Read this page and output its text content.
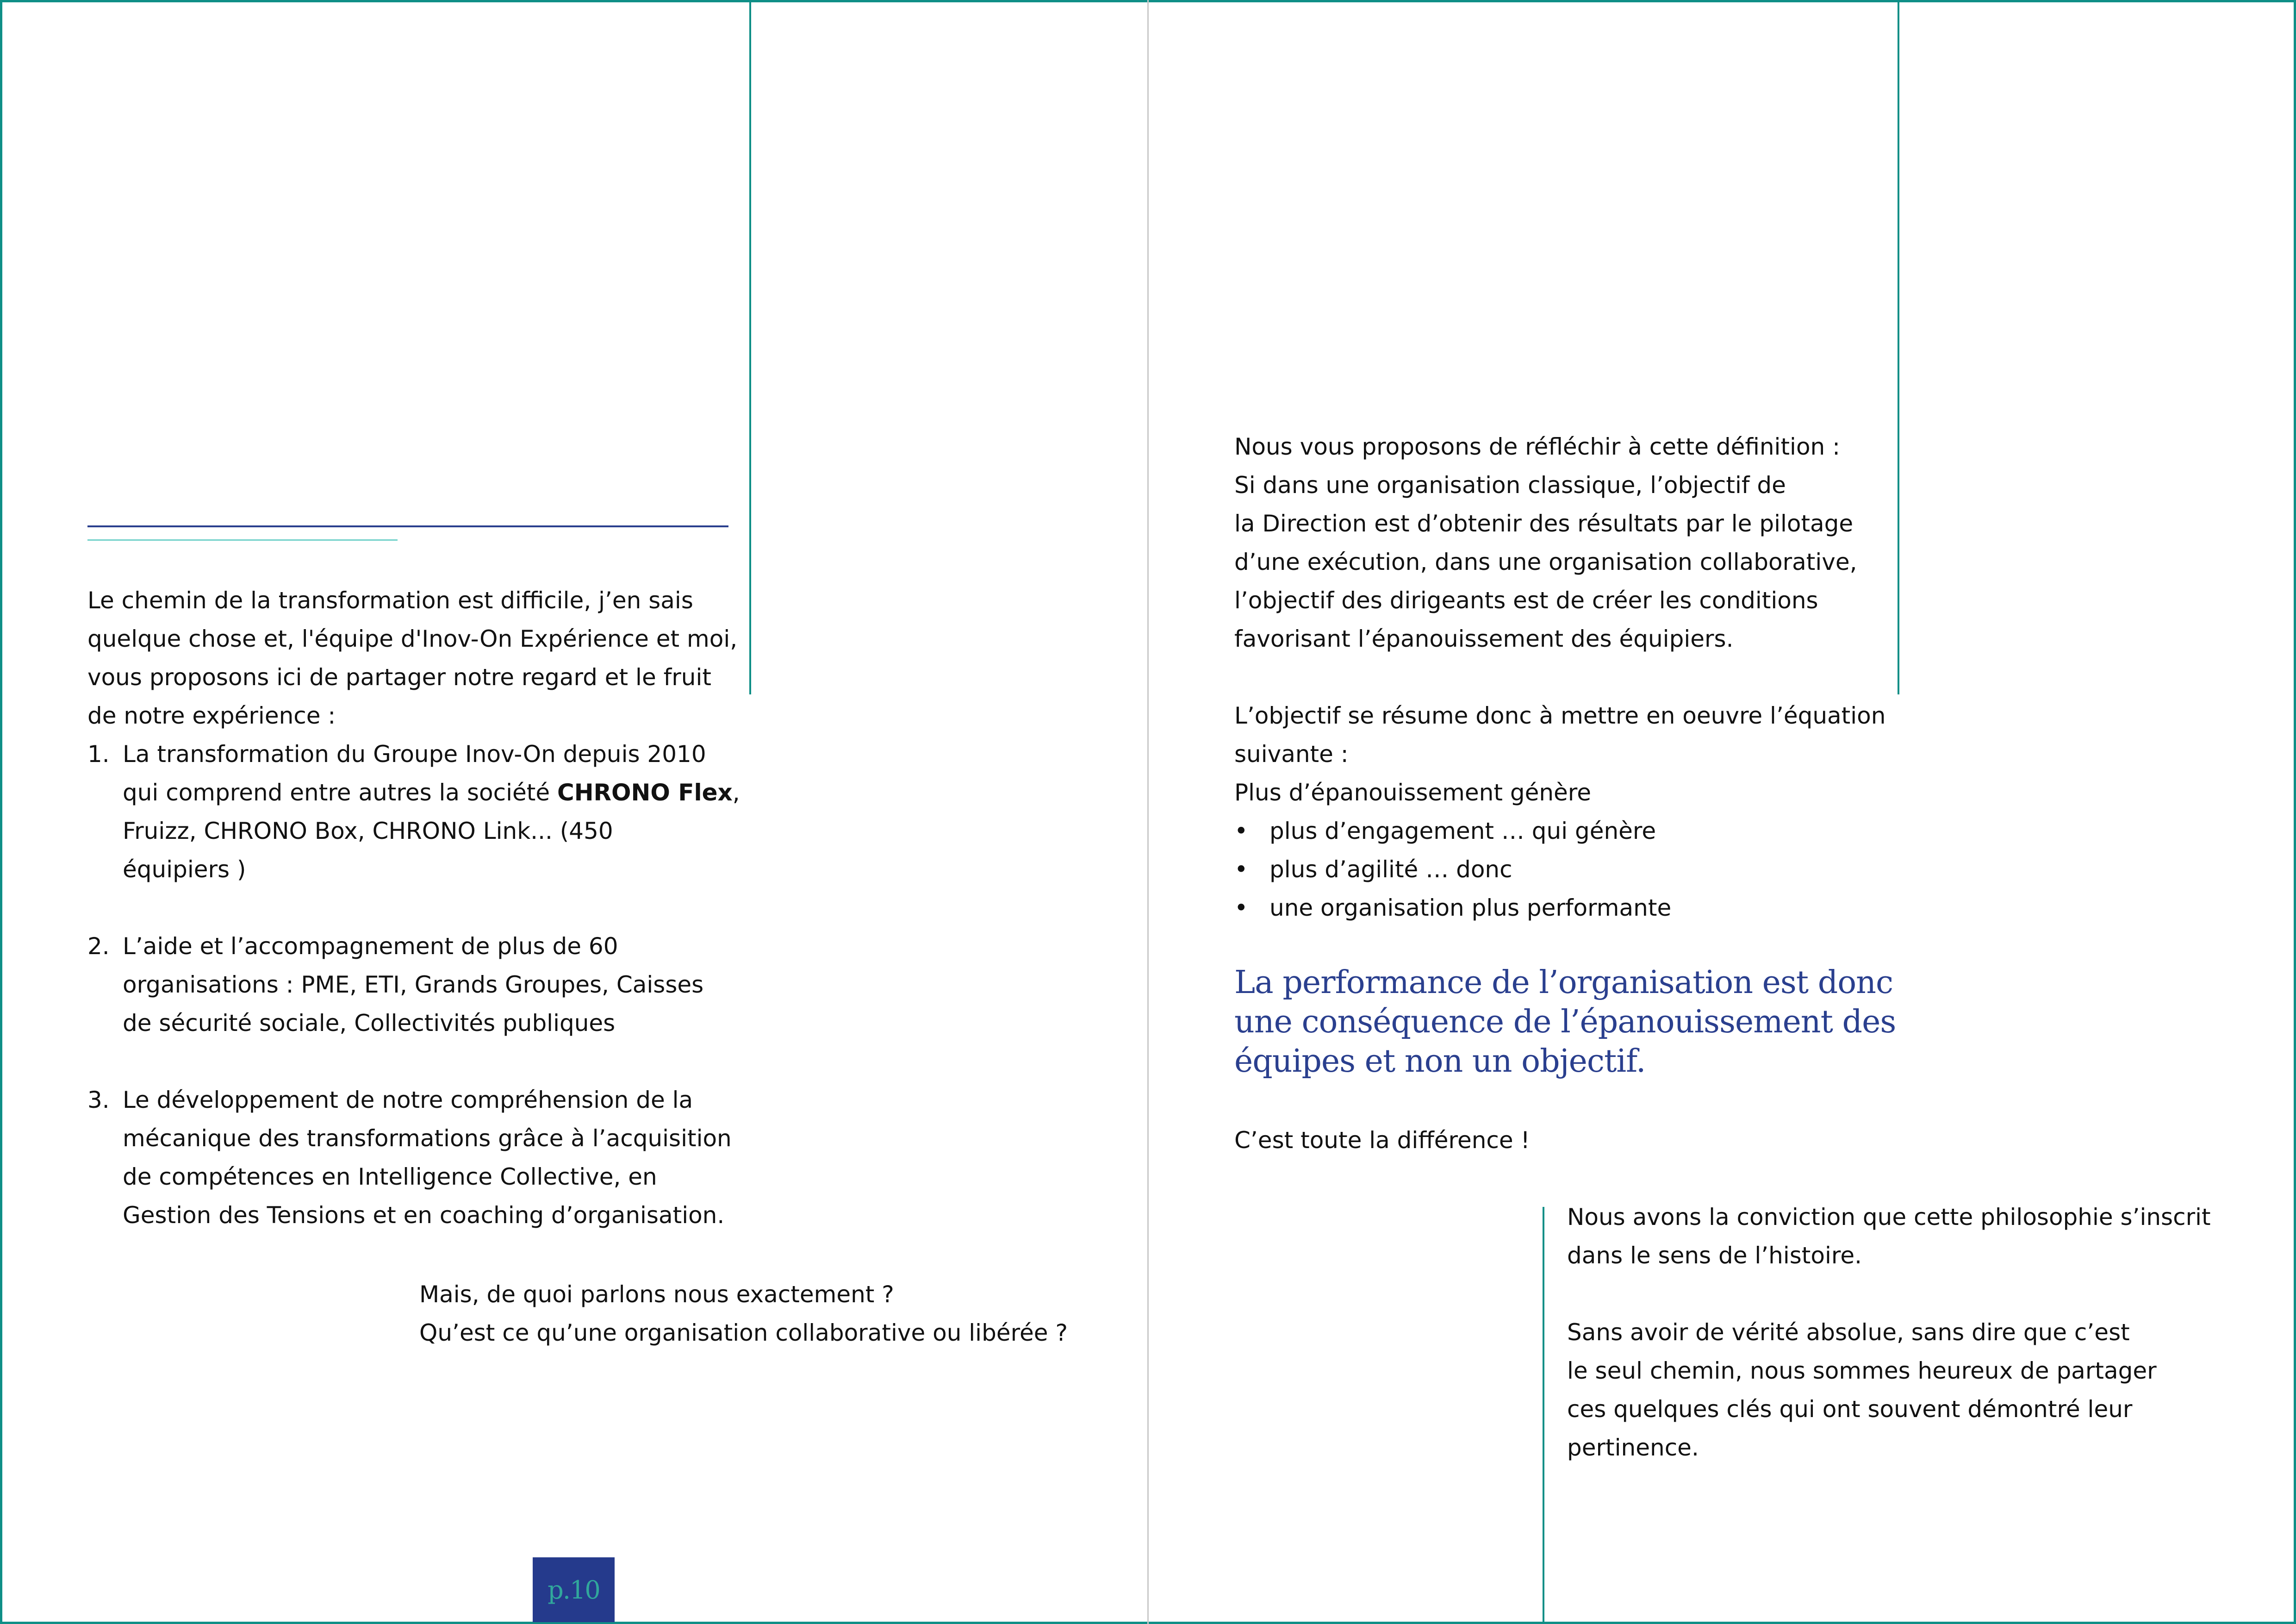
Le chemin de la transformation est difficile, j’en sais

quelque chose et, l'équipe d'Inov-On Expérience et moi,

vous proposons ici de partager notre regard et le fruit

de notre expérience :

1. La transformation du Groupe Inov-On depuis 2010

qui comprend entre autres la société CHRONO Flex,

Fruizz, CHRONO Box, CHRONO Link... (450

équipiers )

2. L’aide et l’accompagnement de plus de 60

organisations : PME, ETI, Grands Groupes, Caisses

de sécurité sociale, Collectivités publiques

3. Le développement de notre compréhension de la

mécanique des transformations grâce à l’acquisition

de compétences en Intelligence Collective, en

Gestion des Tensions et en coaching d’organisation.

Mais, de quoi parlons nous exactement ?

Qu’est ce qu’une organisation collaborative ou libérée ?

p.10

Nous vous proposons de réfléchir à cette définition :

Si dans une organisation classique, l’objectif de

la Direction est d’obtenir des résultats par le pilotage

d’une exécution, dans une organisation collaborative,

l’objectif des dirigeants est de créer les conditions

favorisant l’épanouissement des équipiers.

L’objectif se résume donc à mettre en oeuvre l’équation

suivante :

Plus d’épanouissement génère

• plus d’engagement … qui génère
• plus d’agilité … donc
• une organisation plus performante
La performance de l’organisation est donc
une conséquence de l’épanouissement des
équipes et non un objectif.
C’est toute la différence !

Nous avons la conviction que cette philosophie s’inscrit

dans le sens de l’histoire.

Sans avoir de vérité absolue, sans dire que c’est

le seul chemin, nous sommes heureux de partager

ces quelques clés qui ont souvent démontré leur

pertinence.
